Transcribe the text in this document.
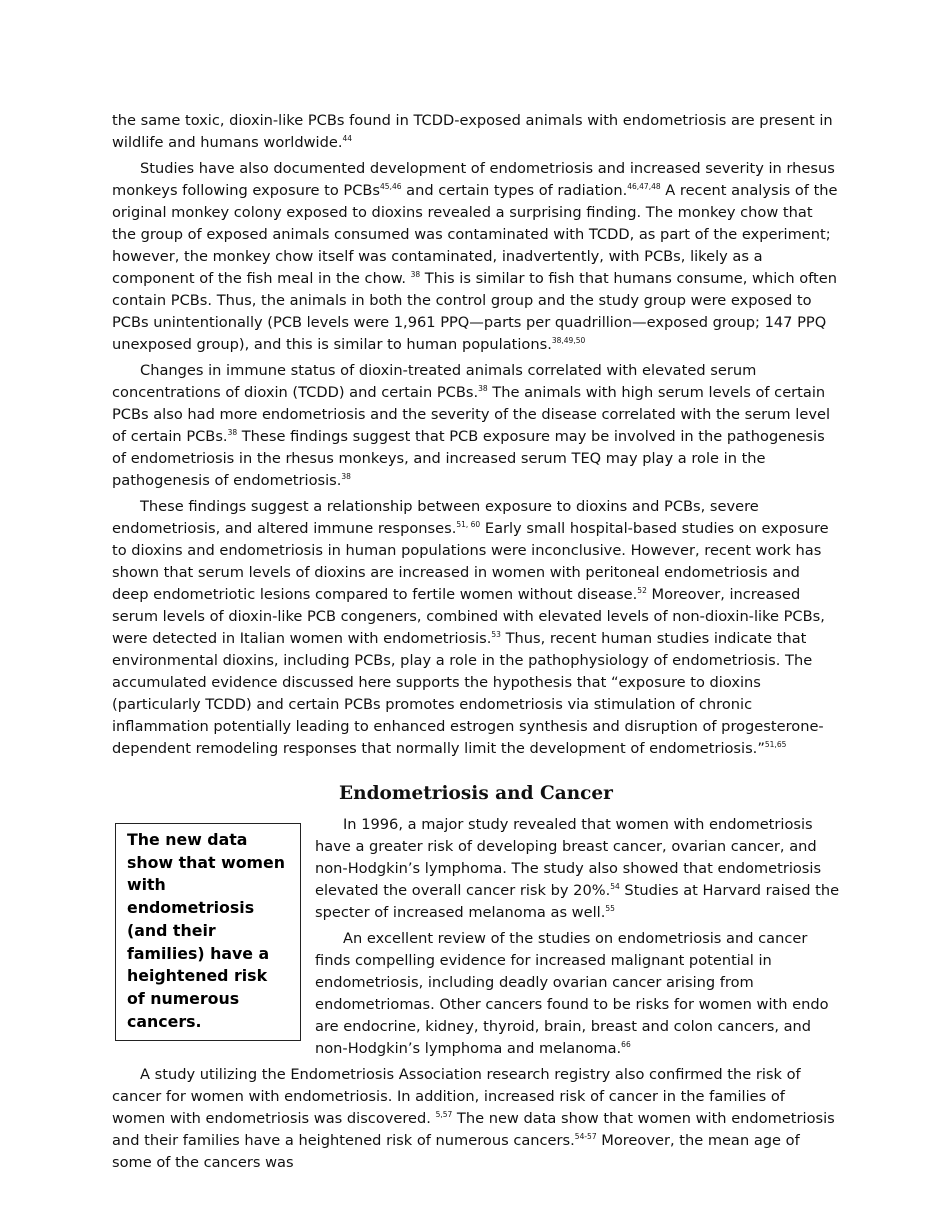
the same toxic, dioxin-like PCBs found in TCDD-exposed animals with endometriosis are present in wildlife and humans worldwide.$^{44}$

Studies have also documented development of endometriosis and increased severity in rhesus monkeys following exposure to PCBs$^{45,46}$ and certain types of radiation.$^{46,47,48}$ A recent analysis of the original monkey colony exposed to dioxins revealed a surprising finding. The monkey chow that the group of exposed animals consumed was contaminated with TCDD, as part of the experiment; however, the monkey chow itself was contaminated, inadvertently, with PCBs, likely as a component of the fish meal in the chow. $^{38}$ This is similar to fish that humans consume, which often contain PCBs. Thus, the animals in both the control group and the study group were exposed to PCBs unintentionally (PCB levels were 1,961 PPQ—parts per quadrillion—exposed group; 147 PPQ unexposed group), and this is similar to human populations.$^{38,49,50}$

Changes in immune status of dioxin-treated animals correlated with elevated serum concentrations of dioxin (TCDD) and certain PCBs.$^{38}$ The animals with high serum levels of certain PCBs also had more endometriosis and the severity of the disease correlated with the serum level of certain PCBs.$^{38}$ These findings suggest that PCB exposure may be involved in the pathogenesis of endometriosis in the rhesus monkeys, and increased serum TEQ may play a role in the pathogenesis of endometriosis.$^{38}$

These findings suggest a relationship between exposure to dioxins and PCBs, severe endometriosis, and altered immune responses.$^{51, 60}$ Early small hospital-based studies on exposure to dioxins and endometriosis in human populations were inconclusive. However, recent work has shown that serum levels of dioxins are increased in women with peritoneal endometriosis and deep endometriotic lesions compared to fertile women without disease.$^{52}$ Moreover, increased serum levels of dioxin-like PCB congeners, combined with elevated levels of non-dioxin-like PCBs, were detected in Italian women with endometriosis.$^{53}$ Thus, recent human studies indicate that environmental dioxins, including PCBs, play a role in the pathophysiology of endometriosis. The accumulated evidence discussed here supports the hypothesis that “exposure to dioxins (particularly TCDD) and certain PCBs promotes endometriosis via stimulation of chronic inflammation potentially leading to enhanced estrogen synthesis and disruption of progesterone-dependent remodeling responses that normally limit the development of endometriosis.”$^{51,65}$

Endometriosis and Cancer
The new data show that women with endometriosis (and their families) have a heightened risk of numerous cancers.

In 1996, a major study revealed that women with endometriosis have a greater risk of developing breast cancer, ovarian cancer, and non-Hodgkin’s lymphoma. The study also showed that endometriosis elevated the overall cancer risk by 20%.$^{54}$ Studies at Harvard raised the specter of increased melanoma as well.$^{55}$

An excellent review of the studies on endometriosis and cancer finds compelling evidence for increased malignant potential in endometriosis, including deadly ovarian cancer arising from endometriomas. Other cancers found to be risks for women with endo are endocrine, kidney, thyroid, brain, breast and colon cancers, and non-Hodgkin’s lymphoma and melanoma.$^{66}$

A study utilizing the Endometriosis Association research registry also confirmed the risk of cancer for women with endometriosis. In addition, increased risk of cancer in the families of women with endometriosis was discovered. $^{5,57}$ The new data show that women with endometriosis and their families have a heightened risk of numerous cancers.$^{54-57}$ Moreover, the mean age of some of the cancers was
